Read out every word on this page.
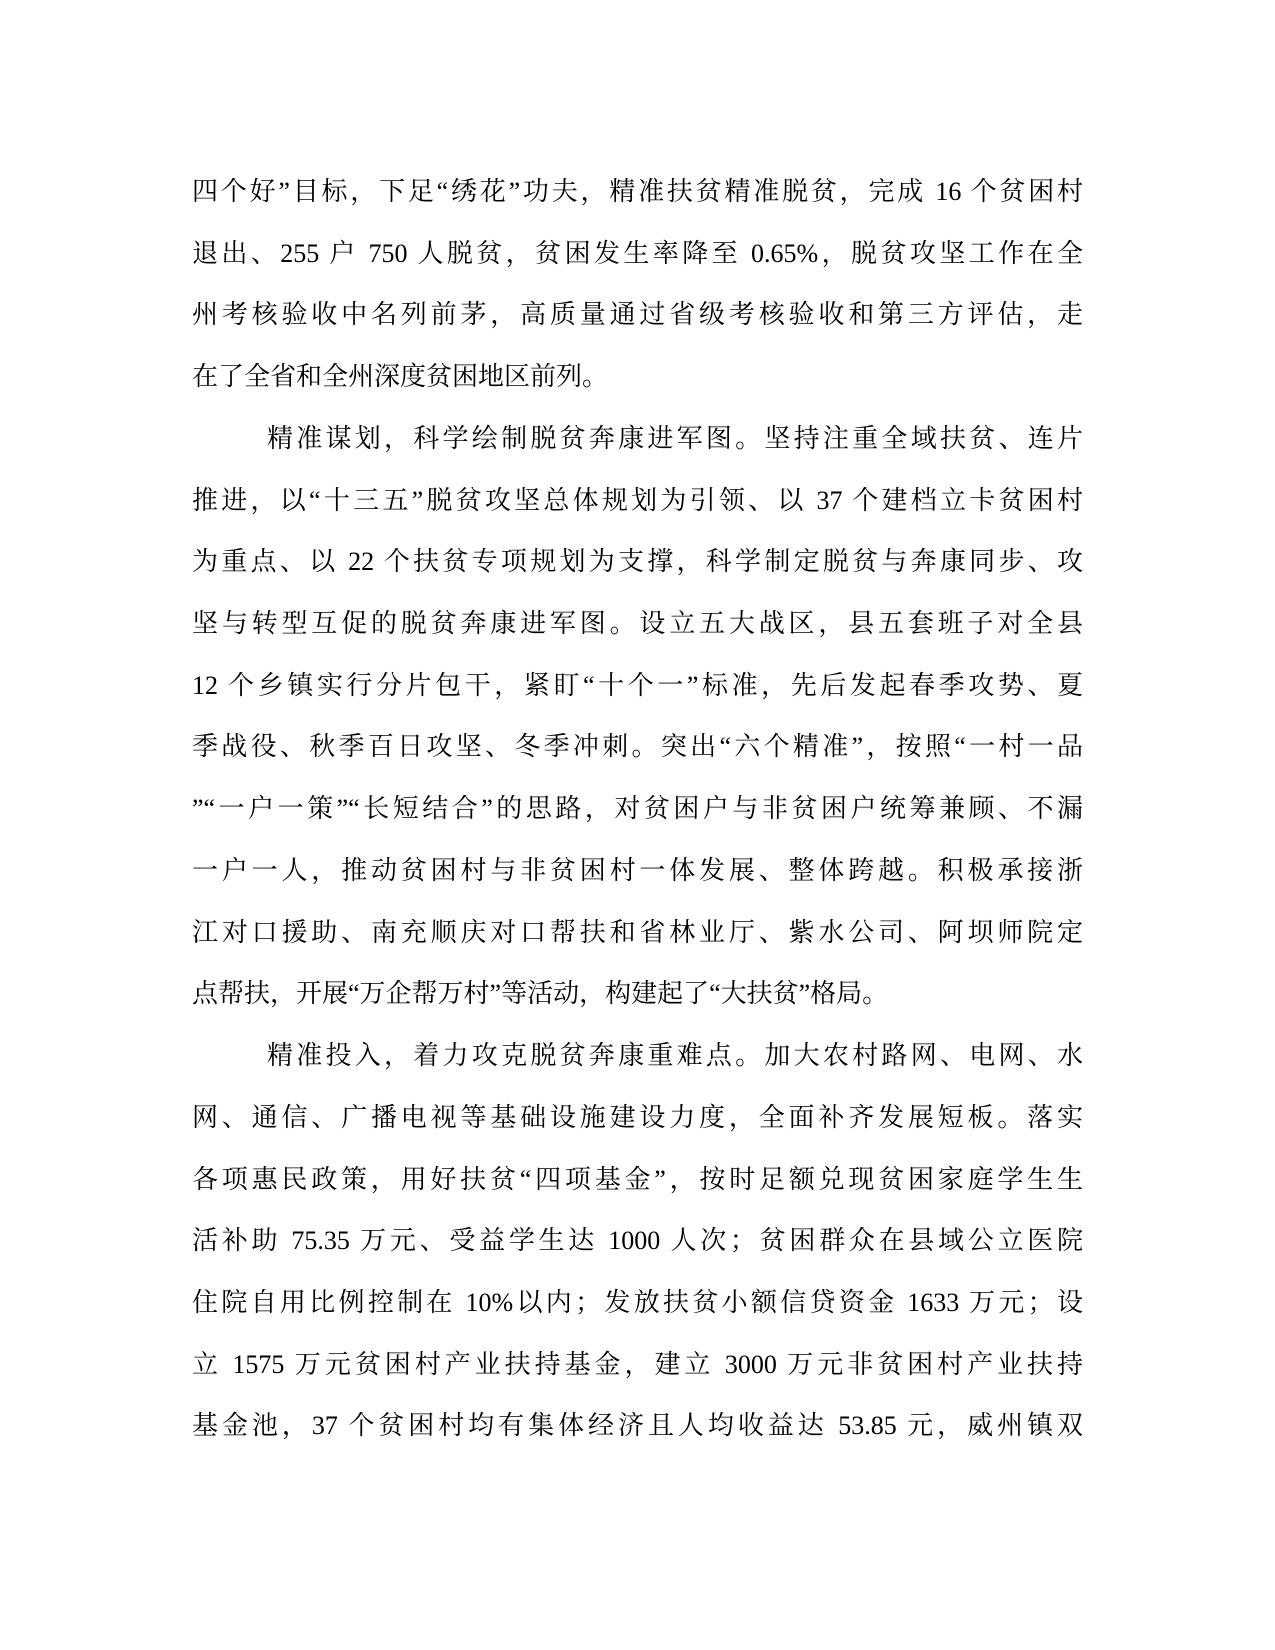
四个好”目标，下足“绣花”功夫，精准扶贫精准脱贫，完成 16 个贫困村
退出、255 户 750 人脱贫，贫困发生率降至 0.65%，脱贫攻坚工作在全
州考核验收中名列前茅，高质量通过省级考核验收和第三方评估，走
在了全省和全州深度贫困地区前列。
精准谋划，科学绘制脱贫奔康进军图。坚持注重全域扶贫、连片
推进，以“十三五”脱贫攻坚总体规划为引领、以 37 个建档立卡贫困村
为重点、以 22 个扶贫专项规划为支撑，科学制定脱贫与奔康同步、攻
坚与转型互促的脱贫奔康进军图。设立五大战区，县五套班子对全县
12 个乡镇实行分片包干，紧盯“十个一”标准，先后发起春季攻势、夏
季战役、秋季百日攻坚、冬季冲刺。突出“六个精准”，按照“一村一品
”“一户一策”“长短结合”的思路，对贫困户与非贫困户统筹兼顾、不漏
一户一人，推动贫困村与非贫困村一体发展、整体跨越。积极承接浙
江对口援助、南充顺庆对口帮扶和省林业厅、紫水公司、阿坝师院定
点帮扶，开展“万企帮万村”等活动，构建起了“大扶贫”格局。
精准投入，着力攻克脱贫奔康重难点。加大农村路网、电网、水
网、通信、广播电视等基础设施建设力度，全面补齐发展短板。落实
各项惠民政策，用好扶贫“四项基金”，按时足额兑现贫困家庭学生生
活补助 75.35 万元、受益学生达 1000 人次；贫困群众在县域公立医院
住院自用比例控制在 10%以内；发放扶贫小额信贷资金 1633 万元；设
立 1575 万元贫困村产业扶持基金，建立 3000 万元非贫困村产业扶持
基金池，37 个贫困村均有集体经济且人均收益达 53.85 元，威州镇双
